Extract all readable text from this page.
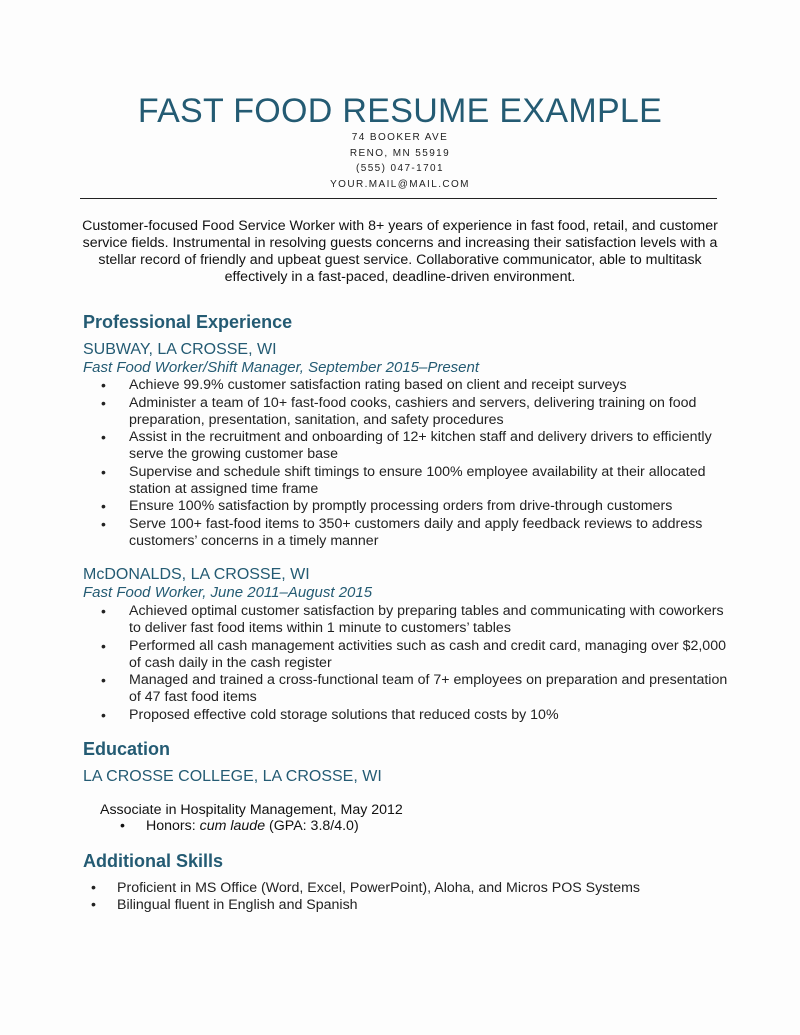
FAST FOOD RESUME EXAMPLE
74 BOOKER AVE
RENO, MN 55919
(555) 047-1701
YOUR.MAIL@MAIL.COM
Customer-focused Food Service Worker with 8+ years of experience in fast food, retail, and customer service fields. Instrumental in resolving guests concerns and increasing their satisfaction levels with a stellar record of friendly and upbeat guest service. Collaborative communicator, able to multitask effectively in a fast-paced, deadline-driven environment.
Professional Experience
SUBWAY, LA CROSSE, WI
Fast Food Worker/Shift Manager, September 2015–Present
• Achieve 99.9% customer satisfaction rating based on client and receipt surveys
• Administer a team of 10+ fast-food cooks, cashiers and servers, delivering training on food preparation, presentation, sanitation, and safety procedures
• Assist in the recruitment and onboarding of 12+ kitchen staff and delivery drivers to efficiently serve the growing customer base
• Supervise and schedule shift timings to ensure 100% employee availability at their allocated station at assigned time frame
• Ensure 100% satisfaction by promptly processing orders from drive-through customers
• Serve 100+ fast-food items to 350+ customers daily and apply feedback reviews to address customers’ concerns in a timely manner
McDONALDS, LA CROSSE, WI
Fast Food Worker, June 2011–August 2015
• Achieved optimal customer satisfaction by preparing tables and communicating with coworkers to deliver fast food items within 1 minute to customers’ tables
• Performed all cash management activities such as cash and credit card, managing over $2,000 of cash daily in the cash register
• Managed and trained a cross-functional team of 7+ employees on preparation and presentation of 47 fast food items
• Proposed effective cold storage solutions that reduced costs by 10%
Education
LA CROSSE COLLEGE, LA CROSSE, WI
Associate in Hospitality Management, May 2012
• Honors: cum laude (GPA: 3.8/4.0)
Additional Skills
• Proficient in MS Office (Word, Excel, PowerPoint), Aloha, and Micros POS Systems
• Bilingual fluent in English and Spanish
